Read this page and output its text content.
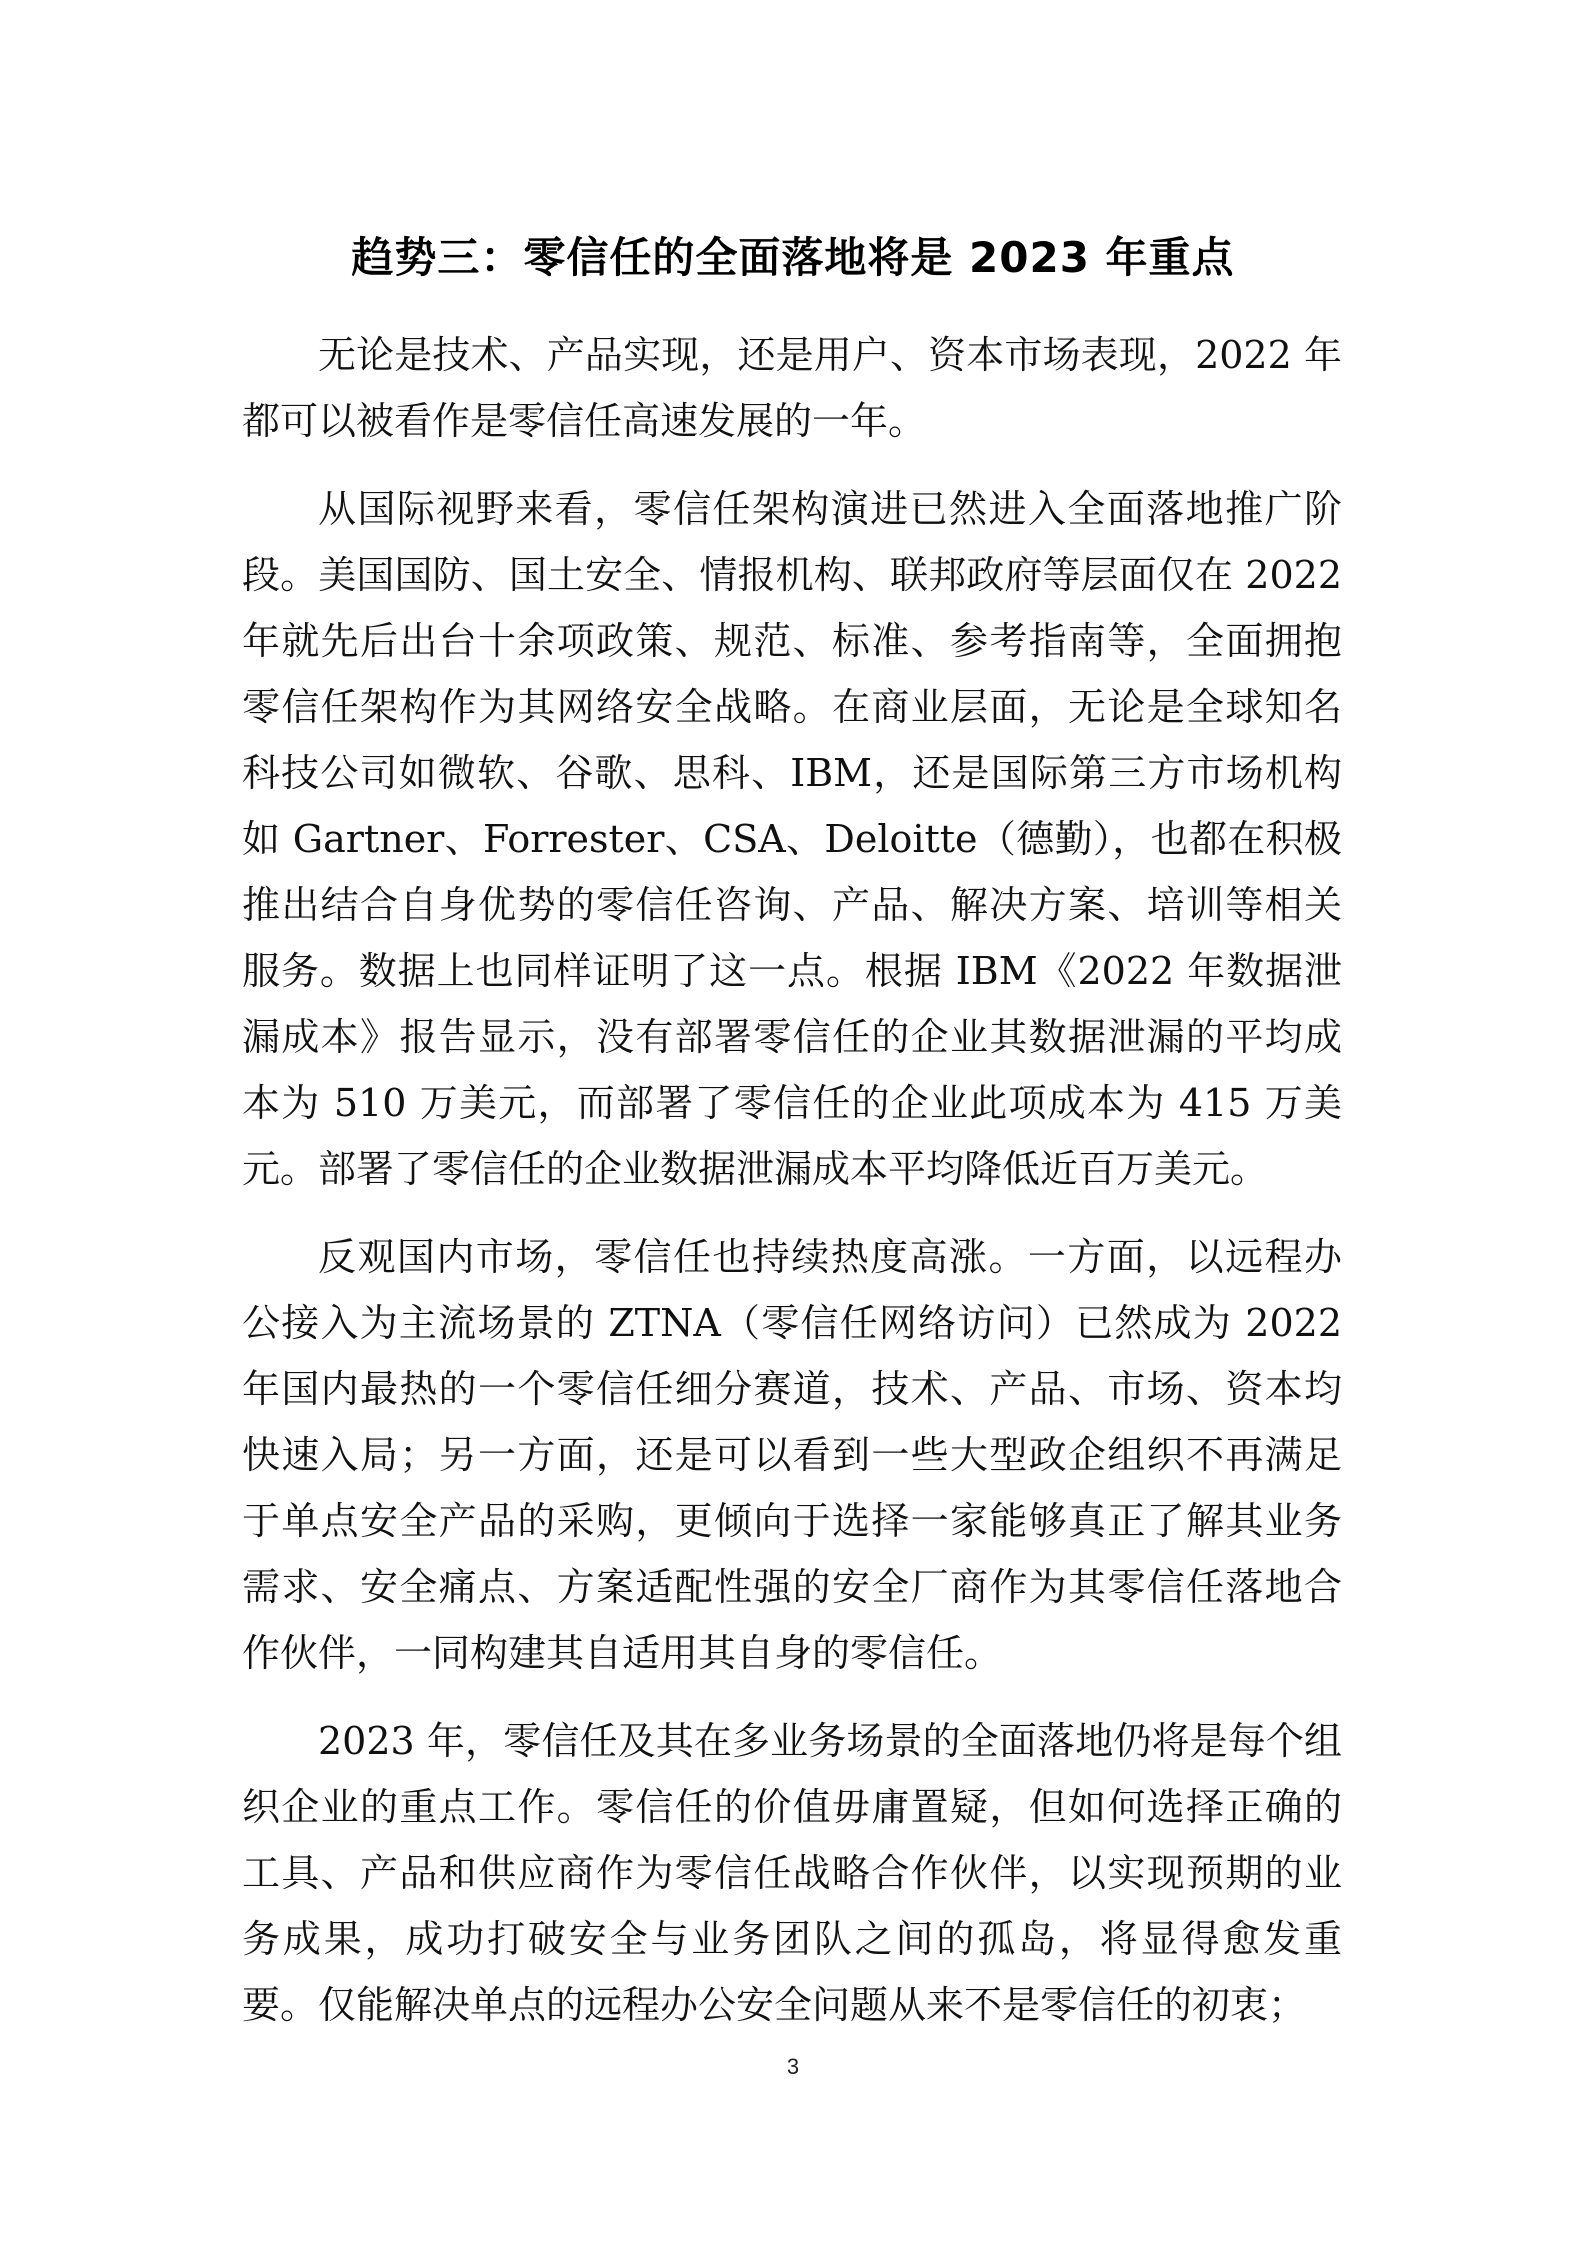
趋势三：零信任的全面落地将是 2023 年重点

无论是技术、产品实现，还是用户、资本市场表现，2022 年都可以被看作是零信任高速发展的一年。

从国际视野来看，零信任架构演进已然进入全面落地推广阶段。美国国防、国土安全、情报机构、联邦政府等层面仅在 2022 年就先后出台十余项政策、规范、标准、参考指南等，全面拥抱零信任架构作为其网络安全战略。在商业层面，无论是全球知名科技公司如微软、谷歌、思科、IBM，还是国际第三方市场机构如 Gartner、Forrester、CSA、Deloitte（德勤），也都在积极推出结合自身优势的零信任咨询、产品、解决方案、培训等相关服务。数据上也同样证明了这一点。根据 IBM《2022 年数据泄漏成本》报告显示，没有部署零信任的企业其数据泄漏的平均成本为 510 万美元，而部署了零信任的企业此项成本为 415 万美元。部署了零信任的企业数据泄漏成本平均降低近百万美元。

反观国内市场，零信任也持续热度高涨。一方面，以远程办公接入为主流场景的 ZTNA（零信任网络访问）已然成为 2022 年国内最热的一个零信任细分赛道，技术、产品、市场、资本均快速入局；另一方面，还是可以看到一些大型政企组织不再满足于单点安全产品的采购，更倾向于选择一家能够真正了解其业务需求、安全痛点、方案适配性强的安全厂商作为其零信任落地合作伙伴，一同构建其自适用其自身的零信任。

2023 年，零信任及其在多业务场景的全面落地仍将是每个组织企业的重点工作。零信任的价值毋庸置疑，但如何选择正确的工具、产品和供应商作为零信任战略合作伙伴，以实现预期的业务成果，成功打破安全与业务团队之间的孤岛，将显得愈发重要。仅能解决单点的远程办公安全问题从来不是零信任的初衷；

3
